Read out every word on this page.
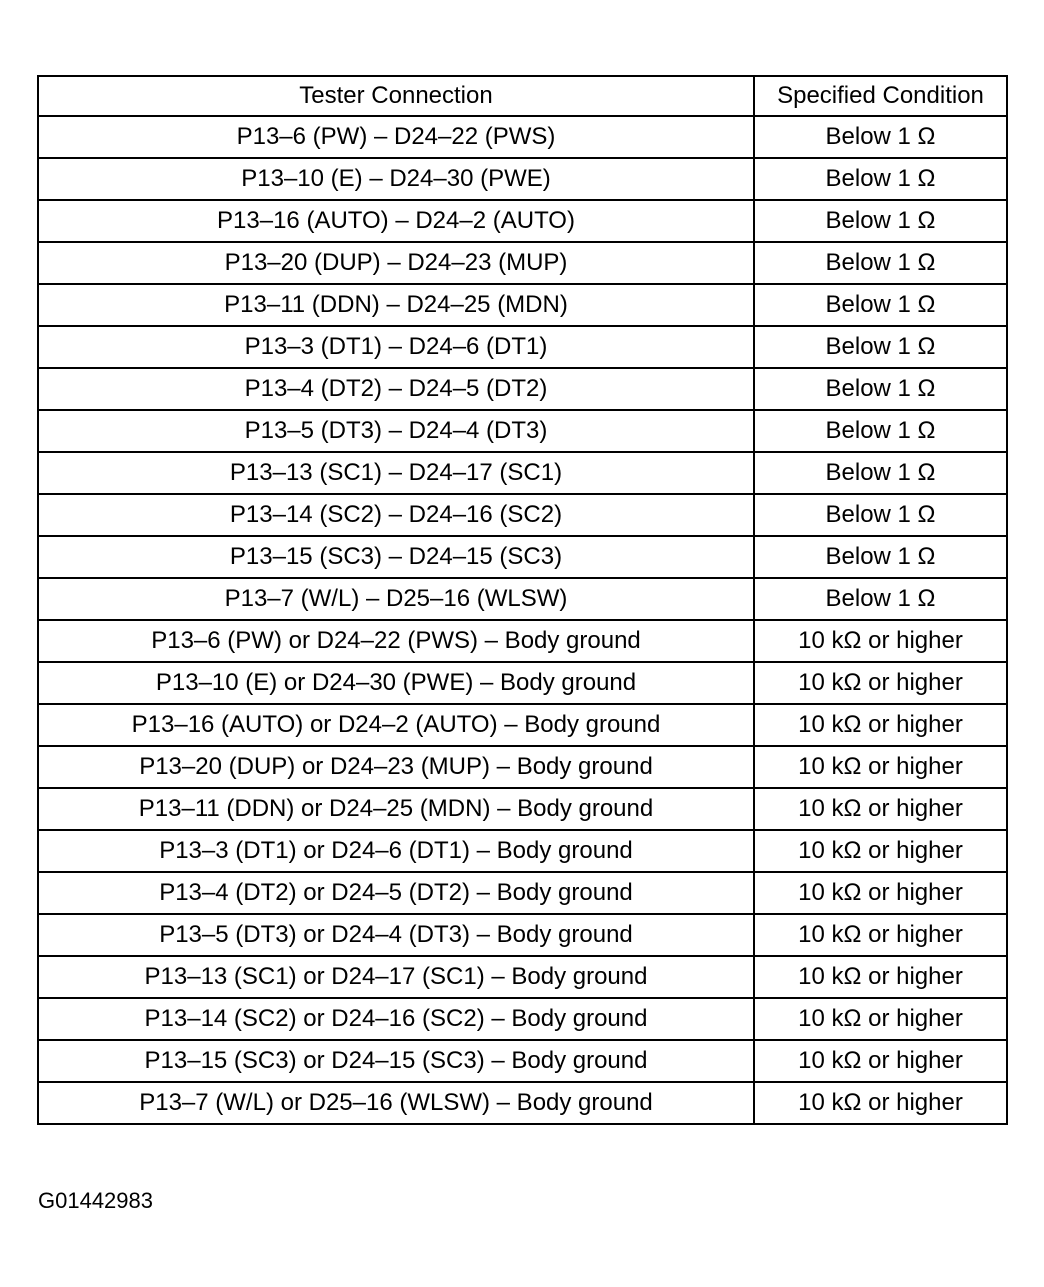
Tester Connection	Specified Condition
P13–6 (PW) – D24–22 (PWS)	Below 1 Ω
P13–10 (E) – D24–30 (PWE)	Below 1 Ω
P13–16 (AUTO) – D24–2 (AUTO)	Below 1 Ω
P13–20 (DUP) – D24–23 (MUP)	Below 1 Ω
P13–11 (DDN) – D24–25 (MDN)	Below 1 Ω
P13–3 (DT1) – D24–6 (DT1)	Below 1 Ω
P13–4 (DT2) – D24–5 (DT2)	Below 1 Ω
P13–5 (DT3) – D24–4 (DT3)	Below 1 Ω
P13–13 (SC1) – D24–17 (SC1)	Below 1 Ω
P13–14 (SC2) – D24–16 (SC2)	Below 1 Ω
P13–15 (SC3) – D24–15 (SC3)	Below 1 Ω
P13–7 (W/L) – D25–16 (WLSW)	Below 1 Ω
P13–6 (PW) or D24–22 (PWS) – Body ground	10 kΩ or higher
P13–10 (E) or D24–30 (PWE) – Body ground	10 kΩ or higher
P13–16 (AUTO) or D24–2 (AUTO) – Body ground	10 kΩ or higher
P13–20 (DUP) or D24–23 (MUP) – Body ground	10 kΩ or higher
P13–11 (DDN) or D24–25 (MDN) – Body ground	10 kΩ or higher
P13–3 (DT1) or D24–6 (DT1) – Body ground	10 kΩ or higher
P13–4 (DT2) or D24–5 (DT2) – Body ground	10 kΩ or higher
P13–5 (DT3) or D24–4 (DT3) – Body ground	10 kΩ or higher
P13–13 (SC1) or D24–17 (SC1) – Body ground	10 kΩ or higher
P13–14 (SC2) or D24–16 (SC2) – Body ground	10 kΩ or higher
P13–15 (SC3) or D24–15 (SC3) – Body ground	10 kΩ or higher
P13–7 (W/L) or D25–16 (WLSW) – Body ground	10 kΩ or higher
G01442983
